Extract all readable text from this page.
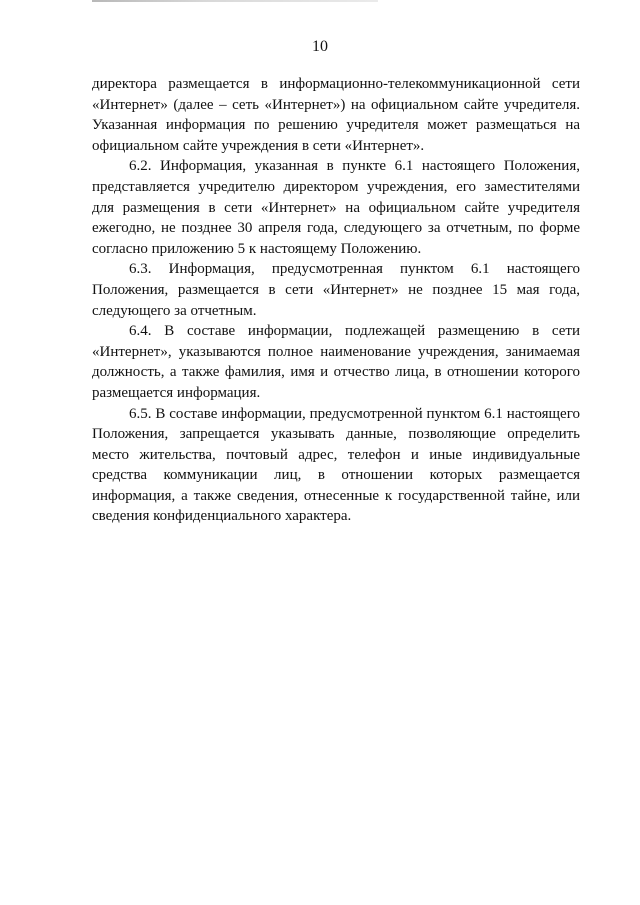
10

директора размещается в информационно-телекоммуникационной сети «Интернет» (далее – сеть «Интернет») на официальном сайте учредителя. Указанная информация по решению учредителя может размещаться на официальном сайте учреждения в сети «Интернет».

6.2. Информация, указанная в пункте 6.1 настоящего Положения, представляется учредителю директором учреждения, его заместителями для размещения в сети «Интернет» на официальном сайте учредителя ежегодно, не позднее 30 апреля года, следующего за отчетным, по форме согласно приложению 5 к настоящему Положению.

6.3. Информация, предусмотренная пунктом 6.1 настоящего Положения, размещается в сети «Интернет» не позднее 15 мая года, следующего за отчетным.

6.4. В составе информации, подлежащей размещению в сети «Интернет», указываются полное наименование учреждения, занимаемая должность, а также фамилия, имя и отчество лица, в отношении которого размещается информация.

6.5. В составе информации, предусмотренной пунктом 6.1 настоящего Положения, запрещается указывать данные, позволяющие определить место жительства, почтовый адрес, телефон и иные индивидуальные средства коммуникации лиц, в отношении которых размещается информация, а также сведения, отнесенные к государственной тайне, или сведения конфиденциального характера.
